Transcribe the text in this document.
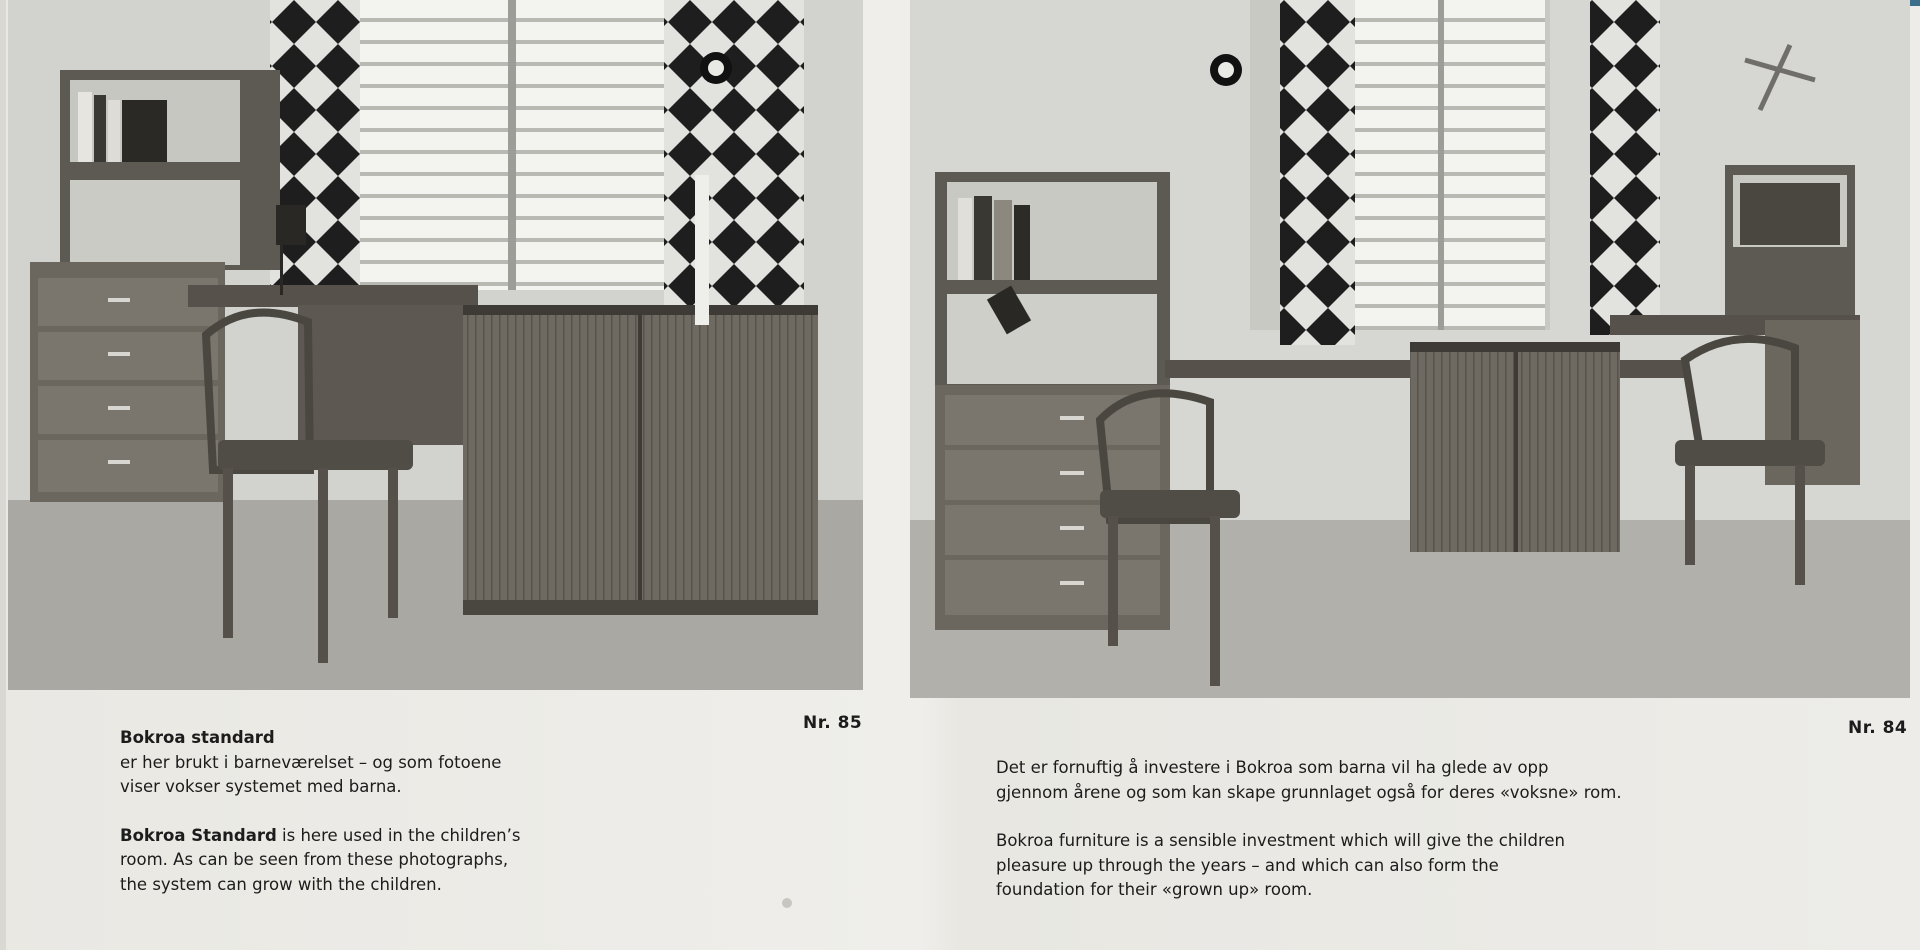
Nr. 85	Nr. 84

Bokroa standard

er her brukt i barneværelset – og som fotoene

viser vokser systemet med barna.

Bokroa Standard is here used in the children’s

room. As can be seen from these photographs,

the system can grow with the children.

Det er fornuftig å investere i Bokroa som barna vil ha glede av opp

gjennom årene og som kan skape grunnlaget også for deres «voksne» rom.

Bokroa furniture is a sensible investment which will give the children

pleasure up through the years – and which can also form the

foundation for their «grown up» room.
